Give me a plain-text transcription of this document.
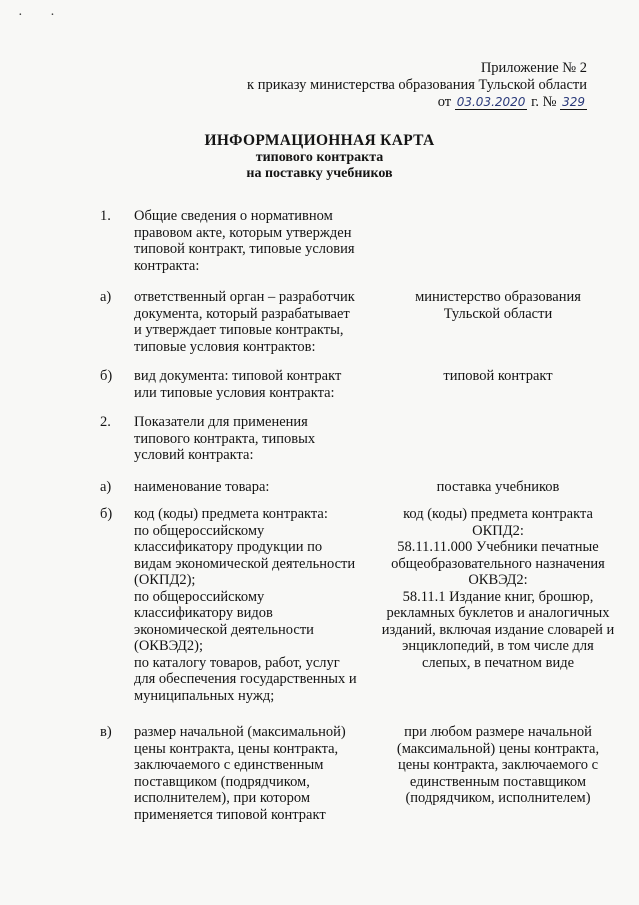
· ·
Приложение № 2
к приказу министерства образования Тульской области
от 03.03.2020 г. № 329
ИНФОРМАЦИОННАЯ КАРТА
типового контракта
на поставку учебников
1. Общие сведения о нормативном
правовом акте, которым утвержден
типовой контракт, типовые условия
контракта:
а) ответственный орган – разработчик
документа, который разрабатывает
и утверждает типовые контракты,
типовые условия контрактов:
министерство образования
Тульской области
б) вид документа: типовой контракт
или типовые условия контракта:
типовой контракт
2. Показатели для применения
типового контракта, типовых
условий контракта:
а) наименование товара:	поставка учебников
б) код (коды) предмета контракта:
по общероссийскому
классификатору продукции по
видам экономической деятельности
(ОКПД2);
по общероссийскому
классификатору видов
экономической деятельности
(ОКВЭД2);
по каталогу товаров, работ, услуг
для обеспечения государственных и
муниципальных нужд;
код (коды) предмета контракта
ОКПД2:
58.11.11.000 Учебники печатные
общеобразовательного назначения
ОКВЭД2:
58.11.1 Издание книг, брошюр,
рекламных буклетов и аналогичных
изданий, включая издание словарей и
энциклопедий, в том числе для
слепых, в печатном виде
в) размер начальной (максимальной)
цены контракта, цены контракта,
заключаемого с единственным
поставщиком (подрядчиком,
исполнителем), при котором
применяется типовой контракт
при любом размере начальной
(максимальной) цены контракта,
цены контракта, заключаемого с
единственным поставщиком
(подрядчиком, исполнителем)
